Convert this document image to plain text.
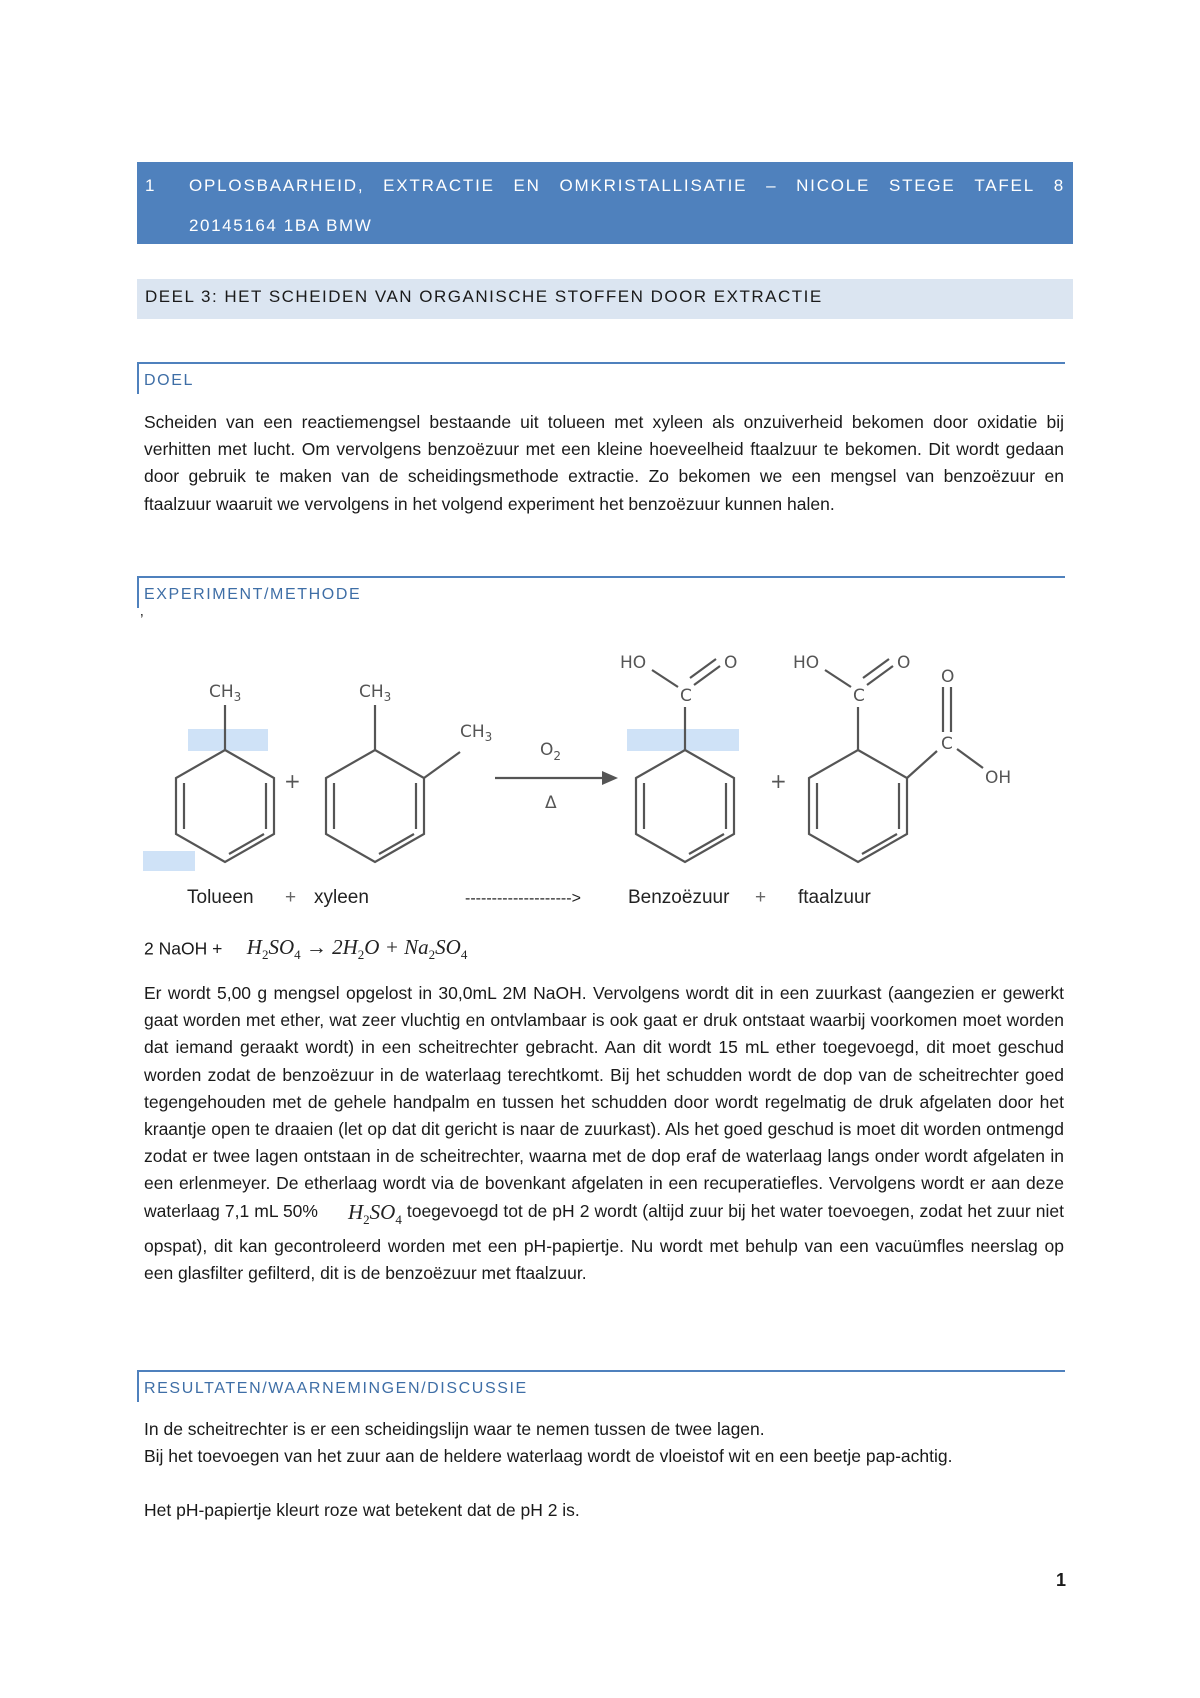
1 OPLOSBAARHEID, EXTRACTIE EN OMKRISTALLISATIE – NICOLE STEGE TAFEL 8
20145164 1BA BMW
DEEL 3: HET SCHEIDEN VAN ORGANISCHE STOFFEN DOOR EXTRACTIE
DOEL

Scheiden van een reactiemengsel bestaande uit tolueen met xyleen als onzuiverheid bekomen door oxidatie bij verhitten met lucht. Om vervolgens benzoëzuur met een kleine hoeveelheid ftaalzuur te bekomen. Dit wordt gedaan door gebruik te maken van de scheidingsmethode extractie. Zo bekomen we een mengsel van benzoëzuur en ftaalzuur waaruit we vervolgens in het volgend experiment het benzoëzuur kunnen halen.

EXPERIMENT/METHODE
’
$CH_3$	$CH_3$
$CH_3$
HO	O
C
HO	O
C
O
C
OH
+	+
$O_2$
Δ
Tolueen + xyleen	--------------------> Benzoëzuur + ftaalzuur
2 NaOH + $H_2SO_4 \to 2H_2O + Na_2SO_4$

Er wordt 5,00 g mengsel opgelost in 30,0mL 2M NaOH. Vervolgens wordt dit in een zuurkast (aangezien er gewerkt gaat worden met ether, wat zeer vluchtig en ontvlambaar is ook gaat er druk ontstaat waarbij voorkomen moet worden dat iemand geraakt wordt) in een scheitrechter gebracht. Aan dit wordt 15 mL ether toegevoegd, dit moet geschud worden zodat de benzoëzuur in de waterlaag terechtkomt. Bij het schudden wordt de dop van de scheitrechter goed tegengehouden met de gehele handpalm en tussen het schudden door wordt regelmatig de druk afgelaten door het kraantje open te draaien (let op dat dit gericht is naar de zuurkast). Als het goed geschud is moet dit worden ontmengd zodat er twee lagen ontstaan in de scheitrechter, waarna met de dop eraf de waterlaag langs onder wordt afgelaten in een erlenmeyer. De etherlaag wordt via de bovenkant afgelaten in een recuperatiefles. Vervolgens wordt er aan deze waterlaag 7,1 mL 50% $H_2SO_4$ toegevoegd tot de pH 2 wordt (altijd zuur bij het water toevoegen, zodat het zuur niet opspat), dit kan gecontroleerd worden met een pH-papiertje. Nu wordt met behulp van een vacuümfles neerslag op een glasfilter gefilterd, dit is de benzoëzuur met ftaalzuur.

RESULTATEN/WAARNEMINGEN/DISCUSSIE

In de scheitrechter is er een scheidingslijn waar te nemen tussen de twee lagen.

Bij het toevoegen van het zuur aan de heldere waterlaag wordt de vloeistof wit en een beetje pap-achtig.

Het pH-papiertje kleurt roze wat betekent dat de pH 2 is.

1
